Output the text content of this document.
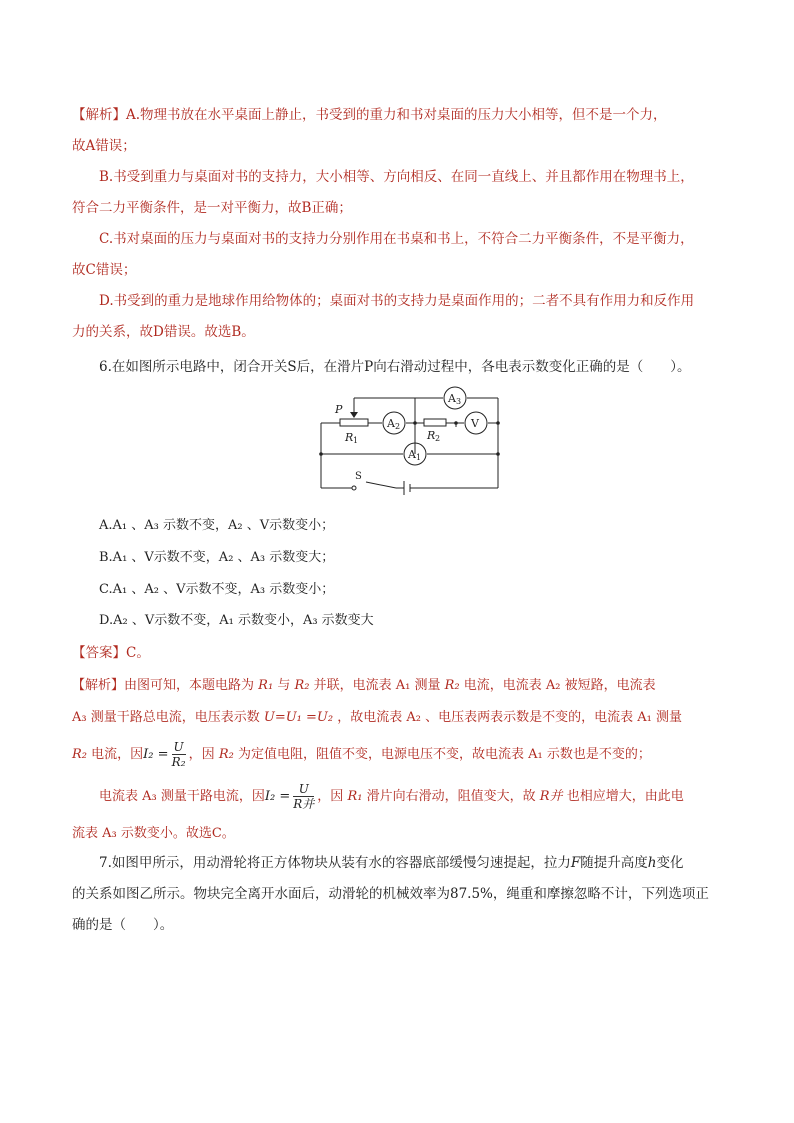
【解析】A.物理书放在水平桌面上静止，书受到的重力和书对桌面的压力大小相等，但不是一个力，
故A错误；
B.书受到重力与桌面对书的支持力，大小相等、方向相反、在同一直线上、并且都作用在物理书上，
符合二力平衡条件，是一对平衡力，故B正确；
C.书对桌面的压力与桌面对书的支持力分别作用在书桌和书上，不符合二力平衡条件，不是平衡力，
故C错误；
D.书受到的重力是地球作用给物体的；桌面对书的支持力是桌面作用的；二者不具有作用力和反作用
力的关系，故D错误。故选B。
6.在如图所示电路中，闭合开关S后，在滑片P向右滑动过程中，各电表示数变化正确的是（　　）。
P
R 1	R 2
A 2
A 3
V
A 1
S
A.A₁ 、A₃ 示数不变，A₂ 、V示数变小；
B.A₁ 、V示数不变，A₂ 、A₃ 示数变大；
C.A₁ 、A₂ 、V示数不变，A₃ 示数变小；
D.A₂ 、V示数不变，A₁ 示数变小，A₃ 示数变大
【答案】C。
【解析】由图可知，本题电路为 R₁ 与 R₂ 并联，电流表 A₁ 测量 R₂ 电流，电流表 A₂ 被短路，电流表
A₃ 测量干路总电流，电压表示数 U=U₁ =U₂ ，故电流表 A₂ 、电压表两表示数是不变的，电流表 A₁ 测量
R₂ 电流，因$I_2 = \frac{U}{\text{R₂}}$ ，因 R₂ 为定值电阻，阻值不变，电源电压不变，故电流表 A₁ 示数也是不变的；
电流表 A₃ 测量干路电流，因$I_2 = \frac{U}{\text{R并}}$ ，因 R₁ 滑片向右滑动，阻值变大，故 R并 也相应增大，由此电
流表 A₃ 示数变小。故选C。
7.如图甲所示，用动滑轮将正方体物块从装有水的容器底部缓慢匀速提起，拉力F随提升高度h变化
的关系如图乙所示。物块完全离开水面后，动滑轮的机械效率为87.5%，绳重和摩擦忽略不计，下列选项正
确的是（　　）。
